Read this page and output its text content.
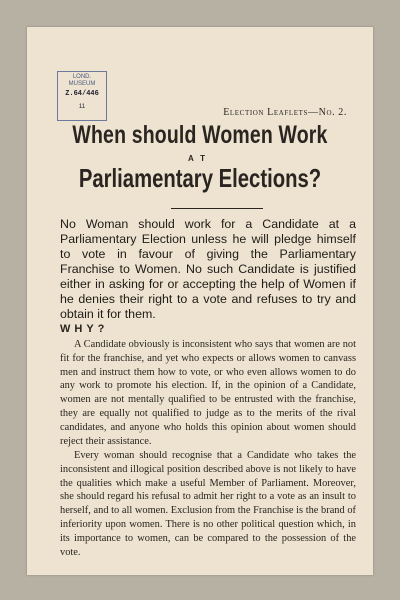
LOND.
MUSEUM
Z.64/446
11	Election Leaflets—No. 2.
When should Women Work
AT
Parliamentary Elections?
No Woman should work for a Candidate at a Parliamentary Election unless he will pledge himself to vote in favour of giving the Parliamentary Franchise to Women. No such Candidate is justified either in asking for or accepting the help of Women if he denies their right to a vote and refuses to try and obtain it for them.
WHY?
A Candidate obviously is inconsistent who says that women are not fit for the franchise, and yet who expects or allows women to canvass men and instruct them how to vote, or who even allows women to do any work to promote his election. If, in the opinion of a Candidate, women are not mentally qualified to be entrusted with the franchise, they are equally not qualified to judge as to the merits of the rival candidates, and anyone who holds this opinion about women should reject their assistance.
Every woman should recognise that a Candidate who takes the inconsistent and illogical position described above is not likely to have the qualities which make a useful Member of Parliament. Moreover, she should regard his refusal to admit her right to a vote as an insult to herself, and to all women. Exclusion from the Franchise is the brand of inferiority upon women. There is no other political question which, in its importance to women, can be compared to the possession of the vote.
